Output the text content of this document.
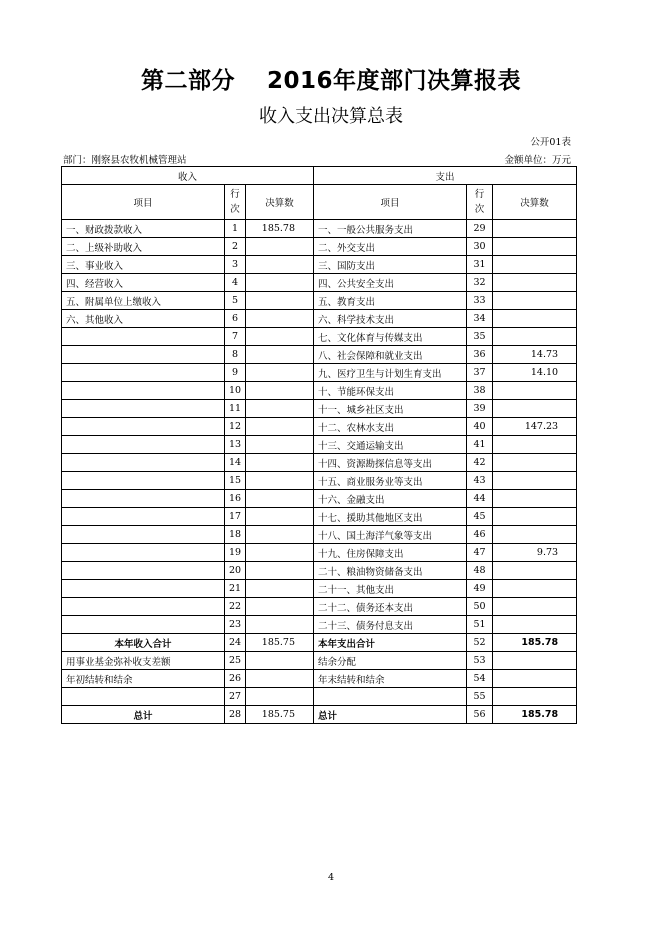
第二部分　 2016年度部门决算报表
收入支出决算总表
公开01表
部门：刚察县农牧机械管理站	金额单位：万元
收入			支出		
项目	行次	决算数	项目	行次	决算数
一、财政拨款收入	1	185.78	一、一般公共服务支出	29	
二、上级补助收入	2		二、外交支出	30	
三、事业收入	3		三、国防支出	31	
四、经营收入	4		四、公共安全支出	32	
五、附属单位上缴收入	5		五、教育支出	33	
六、其他收入	6		六、科学技术支出	34	
	7		七、文化体育与传媒支出	35	
	8		八、社会保障和就业支出	36	14.73
	9		九、医疗卫生与计划生育支出	37	14.10
	10		十、节能环保支出	38	
	11		十一、城乡社区支出	39	
	12		十二、农林水支出	40	147.23
	13		十三、交通运输支出	41	
	14		十四、资源勘探信息等支出	42	
	15		十五、商业服务业等支出	43	
	16		十六、金融支出	44	
	17		十七、援助其他地区支出	45	
	18		十八、国土海洋气象等支出	46	
	19		十九、住房保障支出	47	9.73
	20		二十、粮油物资储备支出	48	
	21		二十一、其他支出	49	
	22		二十二、债务还本支出	50	
	23		二十三、债务付息支出	51	
本年收入合计	24	185.75	本年支出合计	52	185.78
用事业基金弥补收支差额	25		结余分配	53	
年初结转和结余	26		年末结转和结余	54	
	27			55	
总计	28	185.75	总计	56	185.78
4
